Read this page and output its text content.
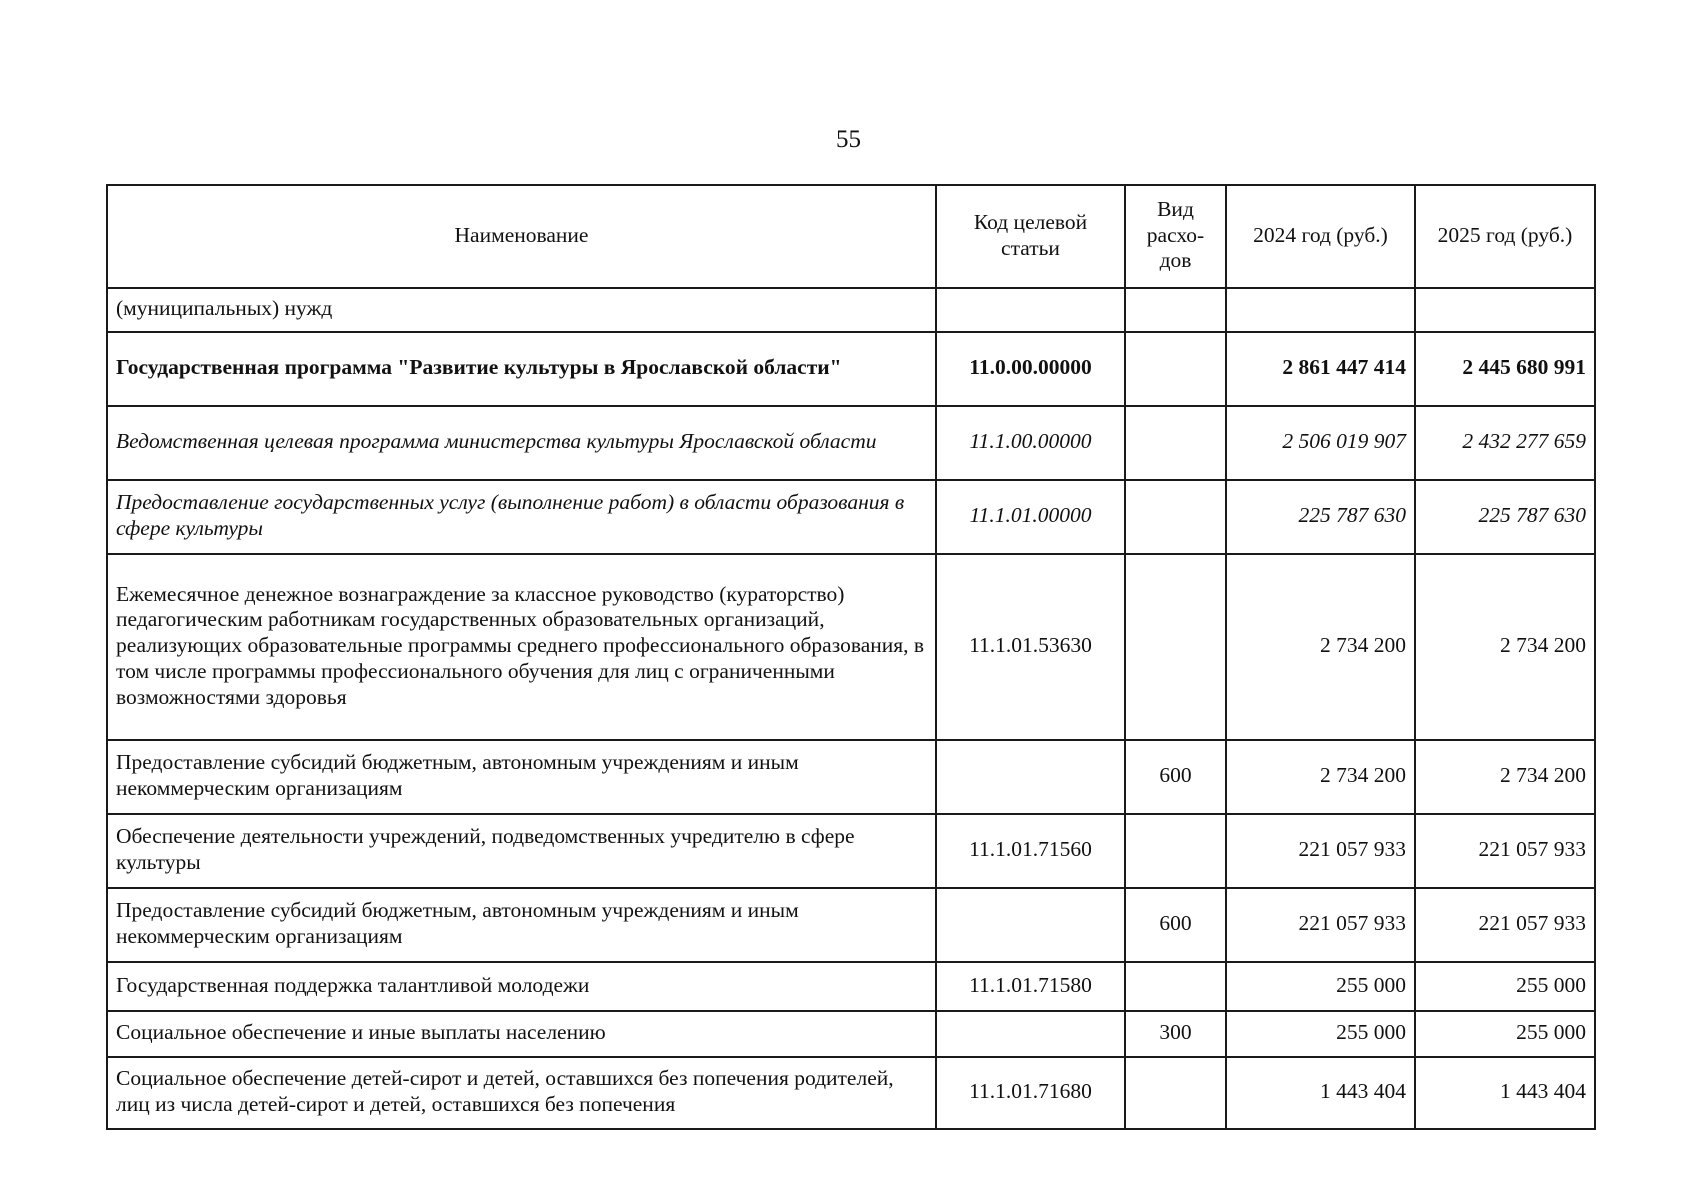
55
Наименование	Код целевой статьи	Вид расхо-дов	2024 год (руб.)	2025 год (руб.)
(муниципальных) нужд				
Государственная программа "Развитие культуры в Ярославской области"	11.0.00.00000		2 861 447 414	2 445 680 991
Ведомственная целевая программа министерства культуры Ярославской области	11.1.00.00000		2 506 019 907	2 432 277 659
Предоставление государственных услуг (выполнение работ) в области образования в сфере культуры	11.1.01.00000		225 787 630	225 787 630
Ежемесячное денежное вознаграждение за классное руководство (кураторство) педагогическим работникам государственных образовательных организаций, реализующих образовательные программы среднего профессионального образования, в том числе программы профессионального обучения для лиц с ограниченными возможностями здоровья	11.1.01.53630		2 734 200	2 734 200
Предоставление субсидий бюджетным, автономным учреждениям и иным некоммерческим организациям		600	2 734 200	2 734 200
Обеспечение деятельности учреждений, подведомственных учредителю в сфере культуры	11.1.01.71560		221 057 933	221 057 933
Предоставление субсидий бюджетным, автономным учреждениям и иным некоммерческим организациям		600	221 057 933	221 057 933
Государственная поддержка талантливой молодежи	11.1.01.71580		255 000	255 000
Социальное обеспечение и иные выплаты населению		300	255 000	255 000
Социальное обеспечение детей-сирот и детей, оставшихся без попечения родителей, лиц из числа детей-сирот и детей, оставшихся без попечения	11.1.01.71680		1 443 404	1 443 404
